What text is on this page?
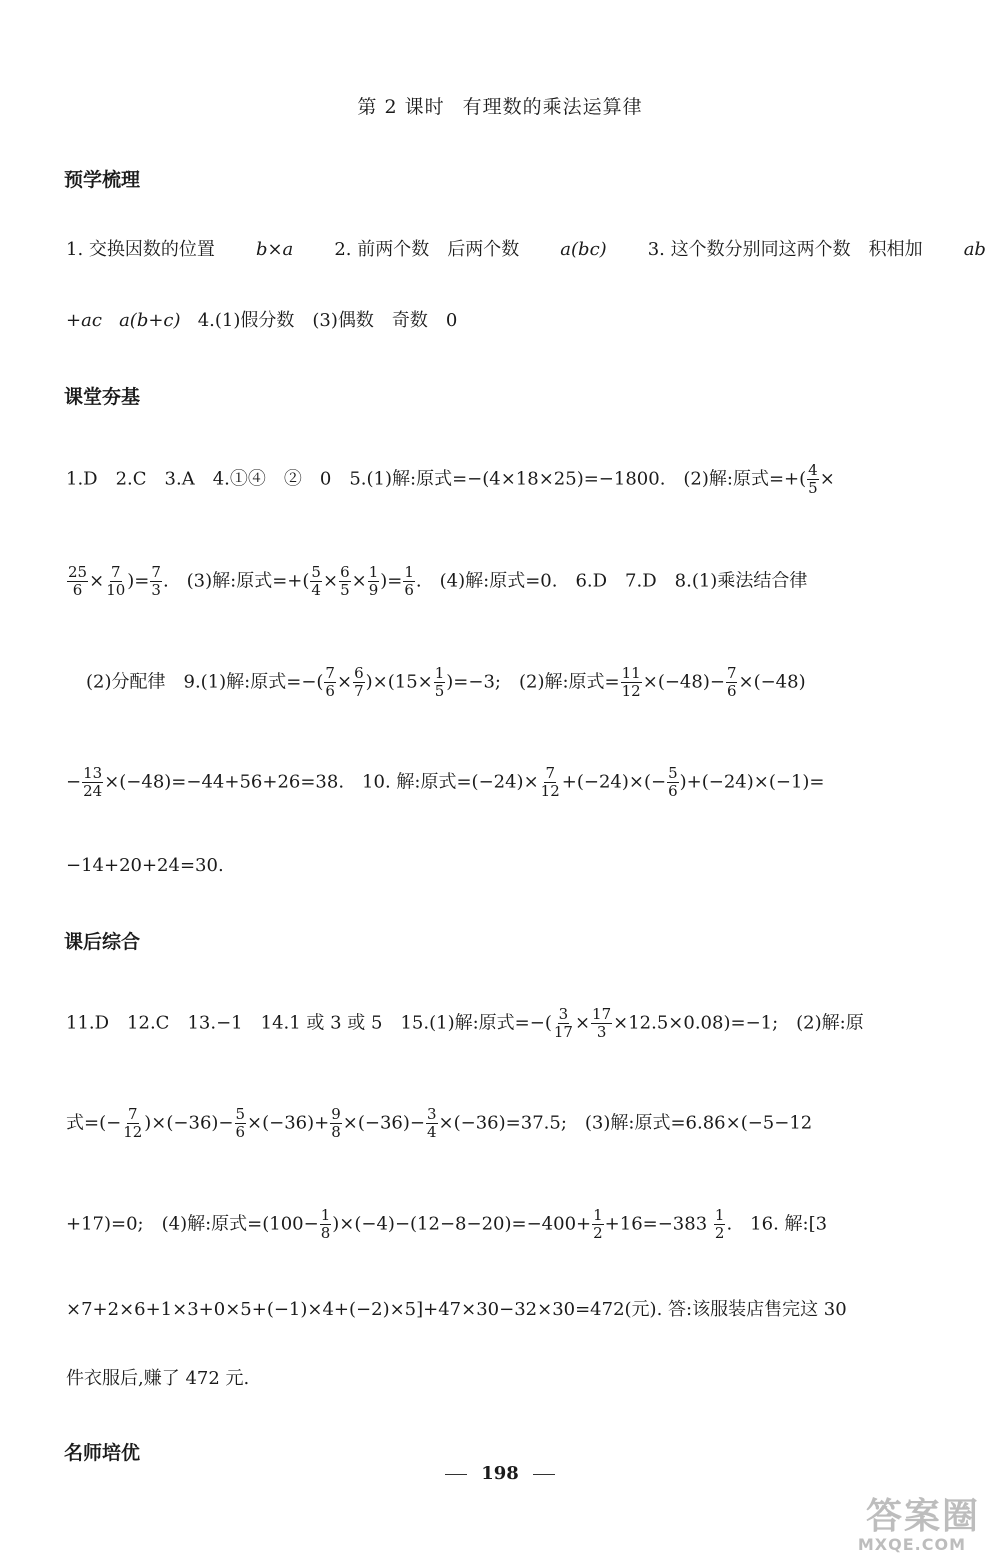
第 2 课时 有理数的乘法运算律
预学梳理
1. 交换因数的位置 b×a 2. 前两个数　后两个数 a(bc) 3. 这个数分别同这两个数　积相加 ab
+ac
a(b+c)
4.(1)假分数　(3)偶数　奇数　0
课堂夯基
1.D　2.C　3.A　4.①④　②　0　5.(1)解:原式=−(4×18×25)=−1800.　(2)解:原式=+( $\frac{4}{5}$ ×
$\frac{25}{6} \times \frac{7}{10}$ )= $\frac{7}{3}$ .　(3)解:原式=+( $\frac{5}{4} \times \frac{6}{5} \times \frac{1}{9}$ )= $\frac{1}{6}$ .　(4)解:原式=0.　6.D　7.D　8.(1)乘法结合律
(2)分配律　9.(1)解:原式=−( $\frac{7}{6} \times \frac{6}{7} )\times(15\times \frac{1}{5} )=-3$;　(2)解:原式= $\frac{11}{12} \times(-48)- \frac{7}{6} \times(-48)$
− $\frac{13}{24} \times(-48)=-44+56+26=38$.　10. 解:原式$=(-24)\times \frac{7}{12} +(-24)\times(- \frac{5}{6} )+(-24)\times(-1)=$
−14+20+24=30.
课后综合
11.D　12.C　13.−1　14.1 或 3 或 5　15.(1)解:原式=−( $\frac{3}{17} \times \frac{17}{3} \times 12.5\times 0.08)=-1$;　(2)解:原
式=(− $\frac{7}{12} )\times(-36)- \frac{5}{6} \times(-36)+ \frac{9}{8} \times(-36)- \frac{3}{4} \times(-36)=37.5$;　(3)解:原式=6.86×(−5−12
+17)=0;　(4)解:原式$=(100- \frac{1}{8} )\times(-4)-(12-8-20)=-400+ \frac{1}{2} +16=-383 \frac{1}{2}$ .　16. 解:[3
×7+2×6+1×3+0×5+(−1)×4+(−2)×5]+47×30−32×30=472(元). 答:该服装店售完这 30
件衣服后,赚了 472 元.
名师培优
198
答案圈
MXQE.COM
